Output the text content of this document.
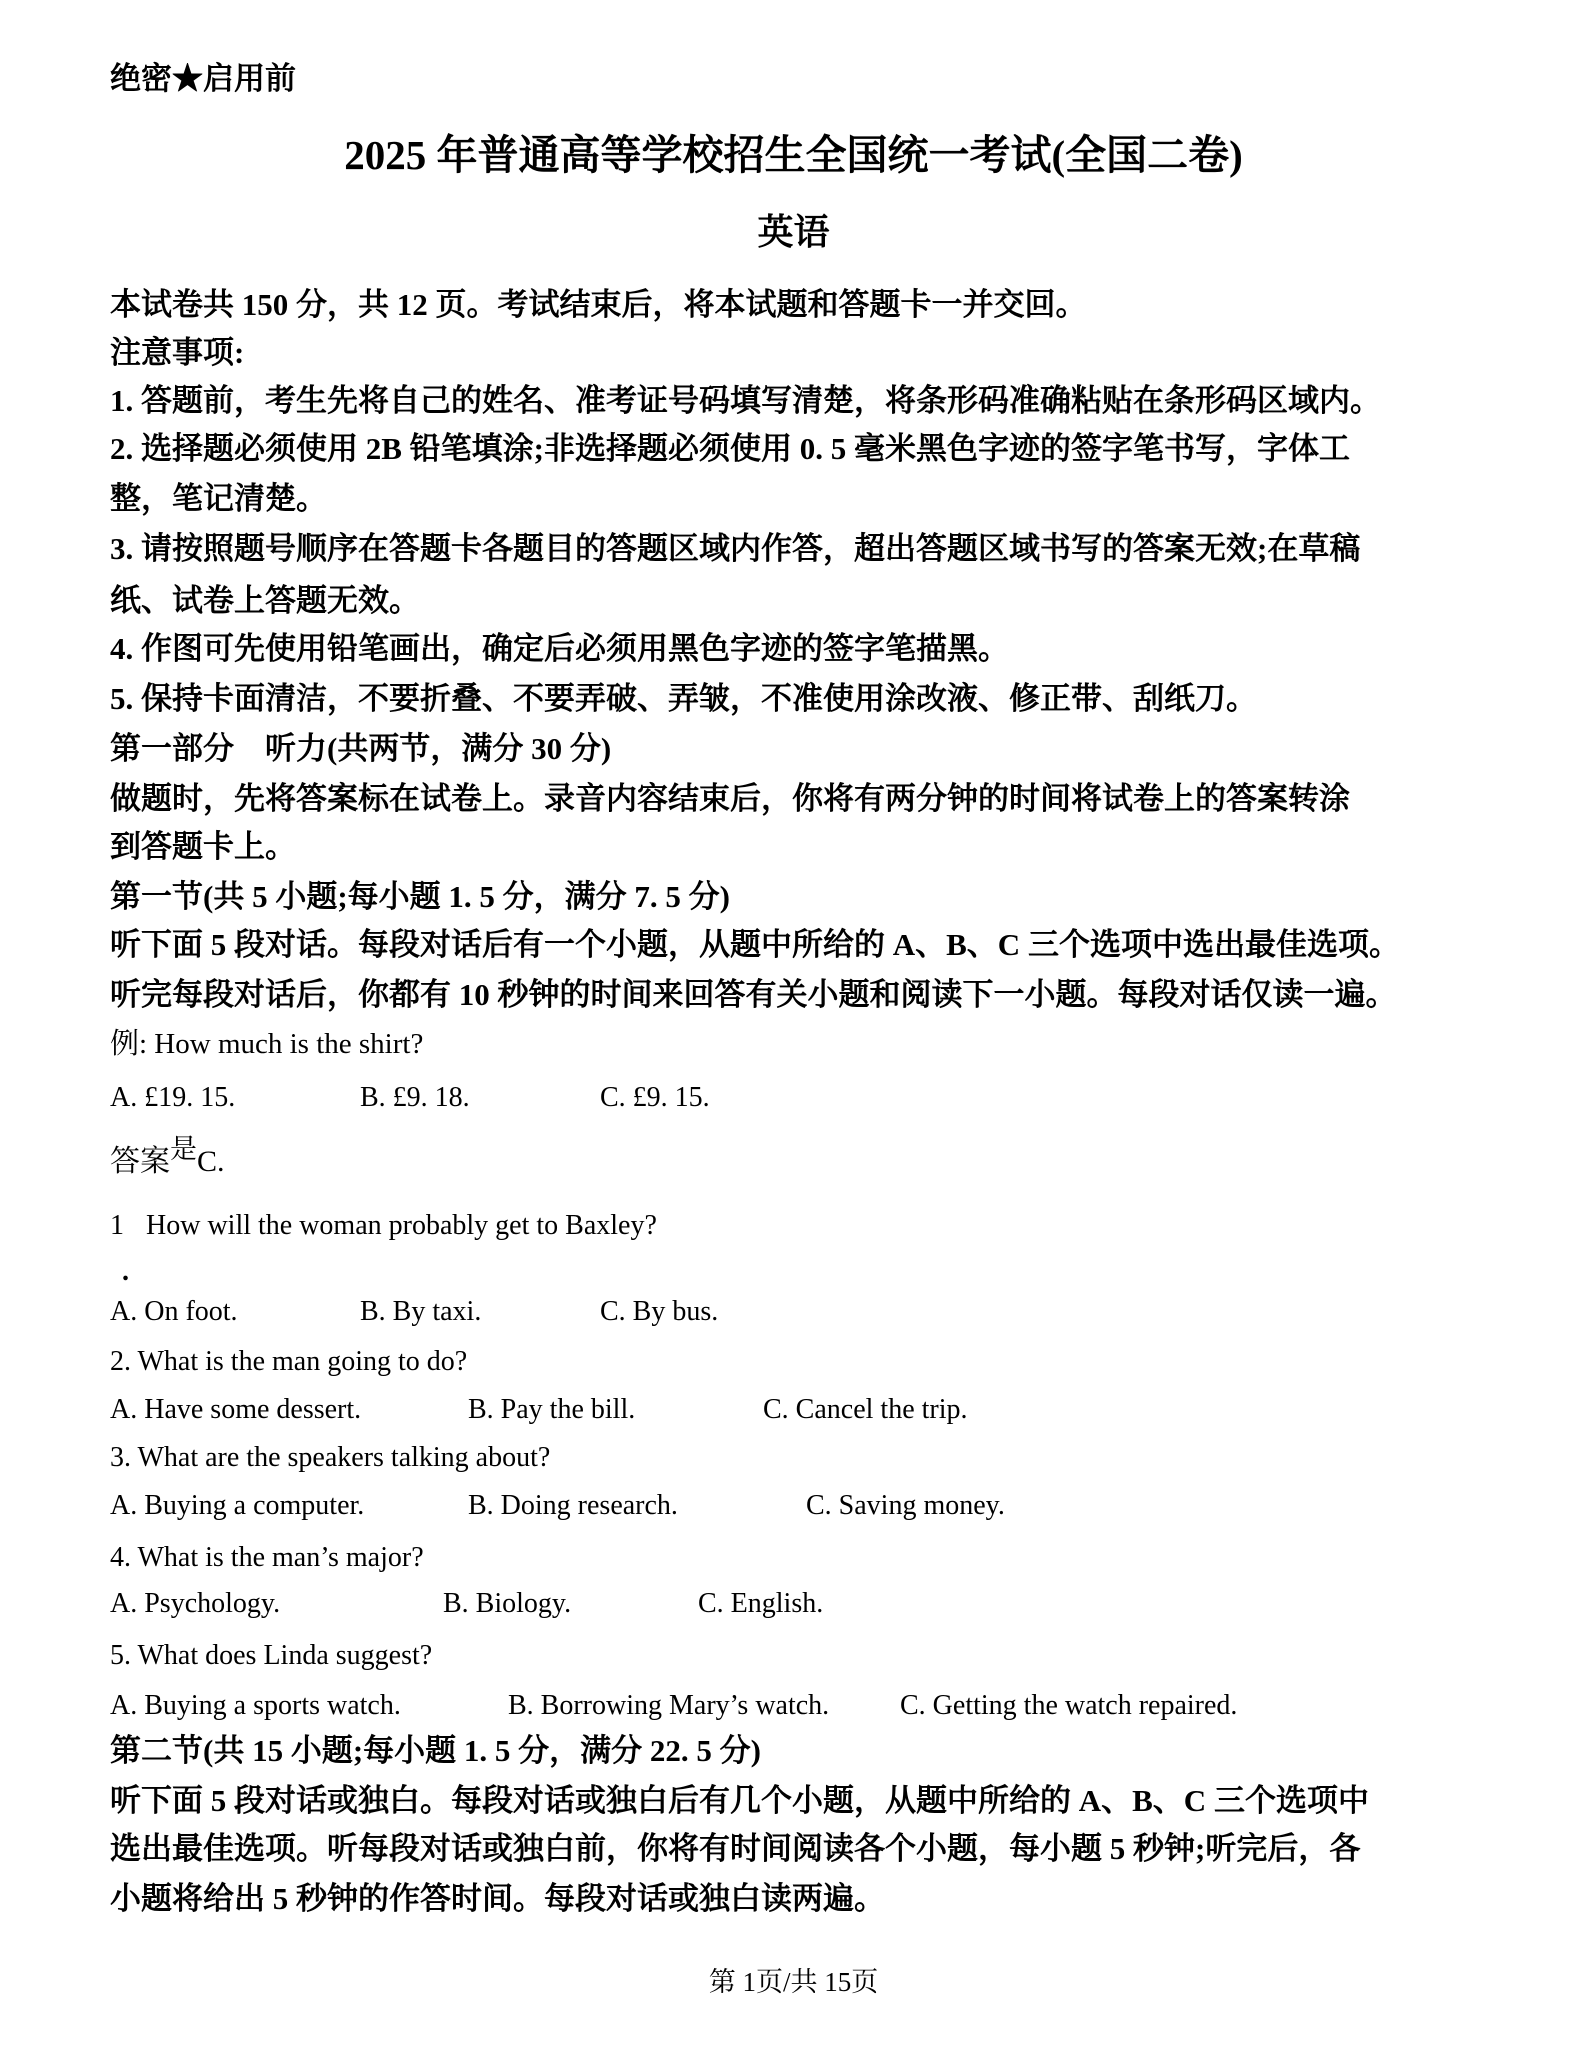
绝密★启用前
2025 年普通高等学校招生全国统一考试(全国二卷)
英语
本试卷共 150 分，共 12 页。考试结束后，将本试题和答题卡一并交回。
注意事项:
1. 答题前，考生先将自己的姓名、准考证号码填写清楚，将条形码准确粘贴在条形码区域内。
2. 选择题必须使用 2B 铅笔填涂;非选择题必须使用 0. 5 毫米黑色字迹的签字笔书写，字体工
整，笔记清楚。
3. 请按照题号顺序在答题卡各题目的答题区域内作答，超出答题区域书写的答案无效;在草稿
纸、试卷上答题无效。
4. 作图可先使用铅笔画出，确定后必须用黑色字迹的签字笔描黑。
5. 保持卡面清洁，不要折叠、不要弄破、弄皱，不准使用涂改液、修正带、刮纸刀。
第一部分　听力(共两节，满分 30 分)
做题时，先将答案标在试卷上。录音内容结束后，你将有两分钟的时间将试卷上的答案转涂
到答题卡上。
第一节(共 5 小题;每小题 1. 5 分，满分 7. 5 分)
听下面 5 段对话。每段对话后有一个小题，从题中所给的 A、B、C 三个选项中选出最佳选项。
听完每段对话后，你都有 10 秒钟的时间来回答有关小题和阅读下一小题。每段对话仅读一遍。
例: How much is the shirt?
A. £19. 15.	B. £9. 18.	C. £9. 15.
答案是C.
1 How will the woman probably get to Baxley?
.
A. On foot.	B. By taxi.	C. By bus.
2. What is the man going to do?
A. Have some dessert.	B. Pay the bill.	C. Cancel the trip.
3. What are the speakers talking about?
A. Buying a computer.	B. Doing research.	C. Saving money.
4. What is the man’s major?
A. Psychology.	B. Biology.	C. English.
5. What does Linda suggest?
A. Buying a sports watch.	B. Borrowing Mary’s watch.	C. Getting the watch repaired.
第二节(共 15 小题;每小题 1. 5 分，满分 22. 5 分)
听下面 5 段对话或独白。每段对话或独白后有几个小题，从题中所给的 A、B、C 三个选项中
选出最佳选项。听每段对话或独白前，你将有时间阅读各个小题，每小题 5 秒钟;听完后，各
小题将给出 5 秒钟的作答时间。每段对话或独白读两遍。
第 1页/共 15页
